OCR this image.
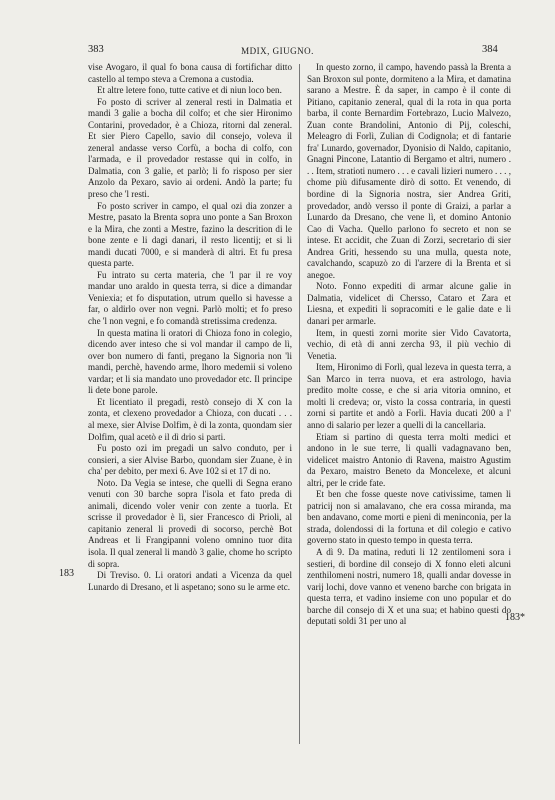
383	MDIX, GIUGNO.	384

vise Avogaro, il qual fo bona causa di fortifichar ditto castello al tempo steva a Cremona a custodia.

Et altre letere fono, tutte cative et di niun loco ben.

Fo posto di scriver al zeneral resti in Dalmatia et mandi 3 galie a bocha dil colfo; et che sier Hironimo Contarini, provedador, è a Chioza, ritorni dal zeneral. Et sier Piero Capello, savio dil consejo, voleva il zeneral andasse verso Corfù, a bocha di colfo, con l'armada, e il provedador restasse qui in colfo, in Dalmatia, con 3 galie, et parlò; li fo risposo per sier Anzolo da Pexaro, savio ai ordeni. Andò la parte; fu preso che 'l resti.

Fo posto scriver in campo, el qual ozi dia zonzer a Mestre, pasato la Brenta sopra uno ponte a San Broxon e la Mira, che zonti a Mestre, fazino la descrition di le bone zente e li dagi danari, il resto licentij; et si li mandi ducati 7000, e si manderà di altri. Et fu presa questa parte.

Fu intrato su certa materia, che 'l par il re voy mandar uno araldo in questa terra, si dice a dimandar Veniexia; et fo disputation, utrum quello si havesse a far, o aldirlo over non vegni. Parlò molti; et fo preso che 'l non vegni, e fo comandà stretissima credenza.

In questa matina li oratori di Chioza fono in colegio, dicendo aver inteso che si vol mandar il campo de lì, over bon numero di fanti, pregano la Signoria non 'li mandi, perchè, havendo arme, lhoro medemii si voleno vardar; et li sia mandato uno provedador etc. Il principe li dete bone parole.

Et licentiato il pregadi, restò consejo di X con la zonta, et clexeno provedador a Chioza, con ducati . . . al mexe, sier Alvise Dolfim, è di la zonta, quondam sier Dolfim, qual acetò e il dì drio si parti.

Fu posto ozi im pregadi un salvo conduto, per i consieri, a sier Alvise Barbo, quondam sier Zuane, è in cha' per debito, per mexi 6. Ave 102 si et 17 di no.

Noto. Da Vegia se intese, che quelli di Segna erano venuti con 30 barche sopra l'isola et fato preda di animali, dicendo voler venir con zente a tuorla. Et scrisse il provedador è lì, sier Francesco di Prioli, al capitanio zeneral li provedi di socorso, perchè Bot Andreas et li Frangipanni voleno omnino tuor dita isola. Il qual zeneral li mandò 3 galie, chome ho scripto di sopra.

Di Treviso. 0. Li oratori andati a Vicenza da quel Lunardo di Dresano, et li aspetano; sono su le arme etc.

In questo zorno, il campo, havendo passà la Brenta a San Broxon sul ponte, dormiteno a la Mira, et damatina sarano a Mestre. È da saper, in campo è il conte di Pitiano, capitanio zeneral, qual di la rota in qua porta barba, il conte Bernardim Fortebrazo, Lucio Malvezo, Zuan conte Brandolini, Antonio di Pij, coleschi, Meleagro di Forlì, Zulian di Codignola; et di fantarie fra' Lunardo, governador, Dyonisio di Naldo, capitanio, Gnagni Pincone, Latantio di Bergamo et altri, numero . . . Item, stratioti numero . . . e cavali lizieri numero . . . , chome più difusamente dirò di sotto. Et venendo, di bordine di la Signoria nostra, sier Andrea Griti, provedador, andò versso il ponte di Graizi, a parlar a Lunardo da Dresano, che vene lì, et domino Antonio Cao di Vacha. Quello parlono fo secreto et non se intese. Et accidit, che Zuan di Zorzi, secretario di sier Andrea Griti, hessendo su una mulla, questa note, cavalchando, scapuzò zo di l'arzere di la Brenta et si anegoe.

Noto. Fonno expediti di armar alcune galie in Dalmatia, videlicet di Chersso, Cataro et Zara et Liesna, et expediti li sopracomiti e le galie date e li danari per armarle.

Item, in questi zorni morite sier Vido Cavatorta, vechio, di età di anni zercha 93, il più vechio di Venetia.

Item, Hironimo di Forlì, qual lezeva in questa terra, a San Marco in terra nuova, et era astrologo, havia predito molte cosse, e che si aria vitoria omnino, et molti li credeva; or, visto la cossa contraria, in questi zorni si partite et andò a Forlì. Havia ducati 200 a l' anno di salario per lezer a quelli di la cancellaria.

Etiam si partino di questa terra molti medici et andono in le sue terre, li qualli vadagnavano ben, videlicet maistro Antonio di Ravena, maistro Agustim da Pexaro, maistro Beneto da Moncelexe, et alcuni altri, per le cride fate.

Et ben che fosse queste nove cativissime, tamen li patricij non si amalavano, che era cossa miranda, ma ben andavano, come morti e pieni di meninconia, per la strada, dolendossi di la fortuna et dil colegio e cativo governo stato in questo tempo in questa terra.

A dì 9. Da matina, reduti li 12 zentilomeni sora i sestieri, di bordine dil consejo di X fonno eleti alcuni zenthilomeni nostri, numero 18, qualli andar dovesse in varij lochi, dove vanno et veneno barche con brigata in questa terra, et vadino insieme con uno popular et do barche dil consejo di X et una sua; et habino questi do deputati soldi 31 per uno al

183
183*
